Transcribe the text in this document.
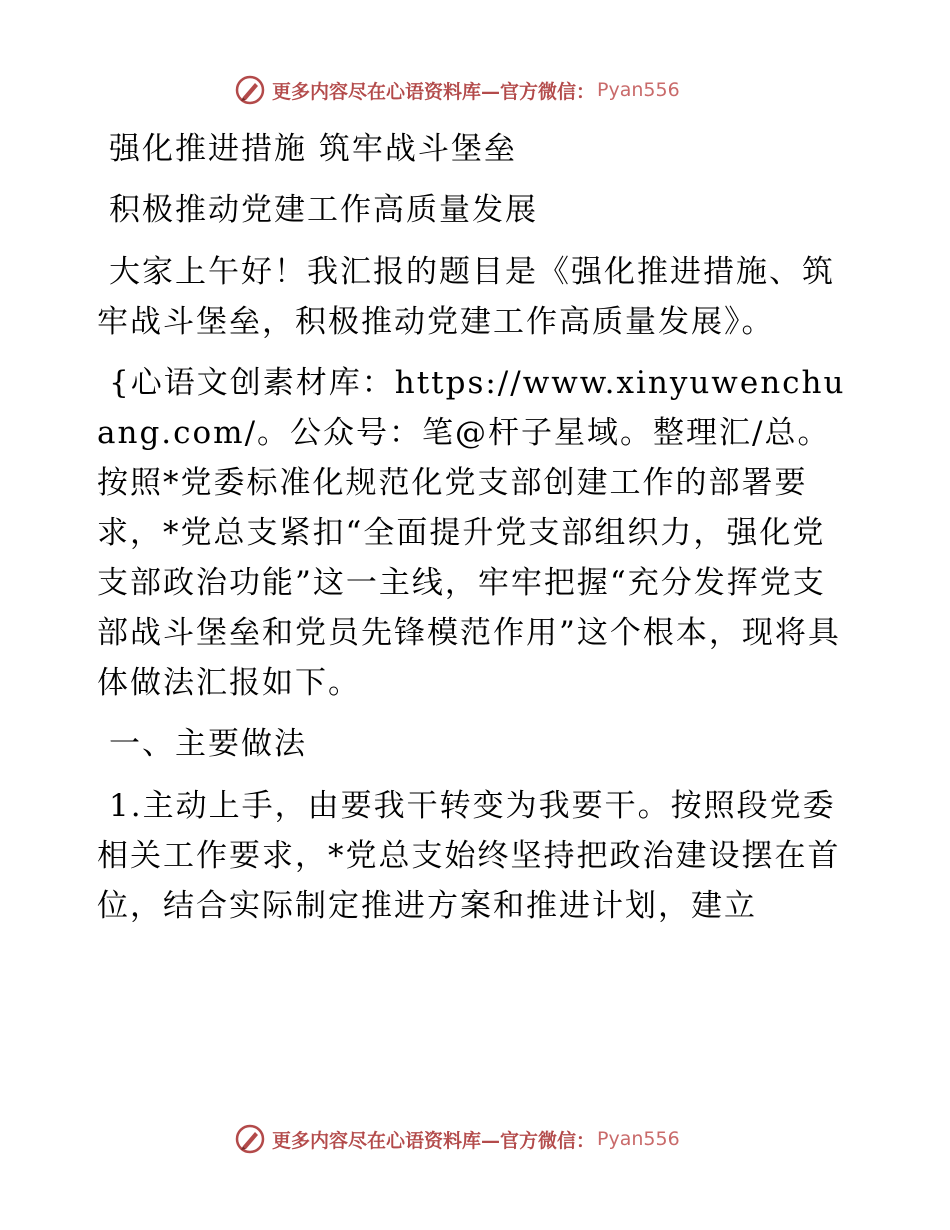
更多内容尽在心语资料库—官方微信： Pyan556

强化推进措施 筑牢战斗堡垒

积极推动党建工作高质量发展

大家上午好！我汇报的题目是《强化推进措施、筑牢战斗堡垒，积极推动党建工作高质量发展》。

{心语文创素材库：https://www.xinyuwenchuang.com/。公众号：笔@杆子星域。整理汇/总。按照*党委标准化规范化党支部创建工作的部署要求，*党总支紧扣“全面提升党支部组织力，强化党支部政治功能”这一主线，牢牢把握“充分发挥党支部战斗堡垒和党员先锋模范作用”这个根本，现将具体做法汇报如下。

一、主要做法

1.主动上手，由要我干转变为我要干。按照段党委相关工作要求，*党总支始终坚持把政治建设摆在首位，结合实际制定推进方案和推进计划，建立

更多内容尽在心语资料库—官方微信： Pyan556
